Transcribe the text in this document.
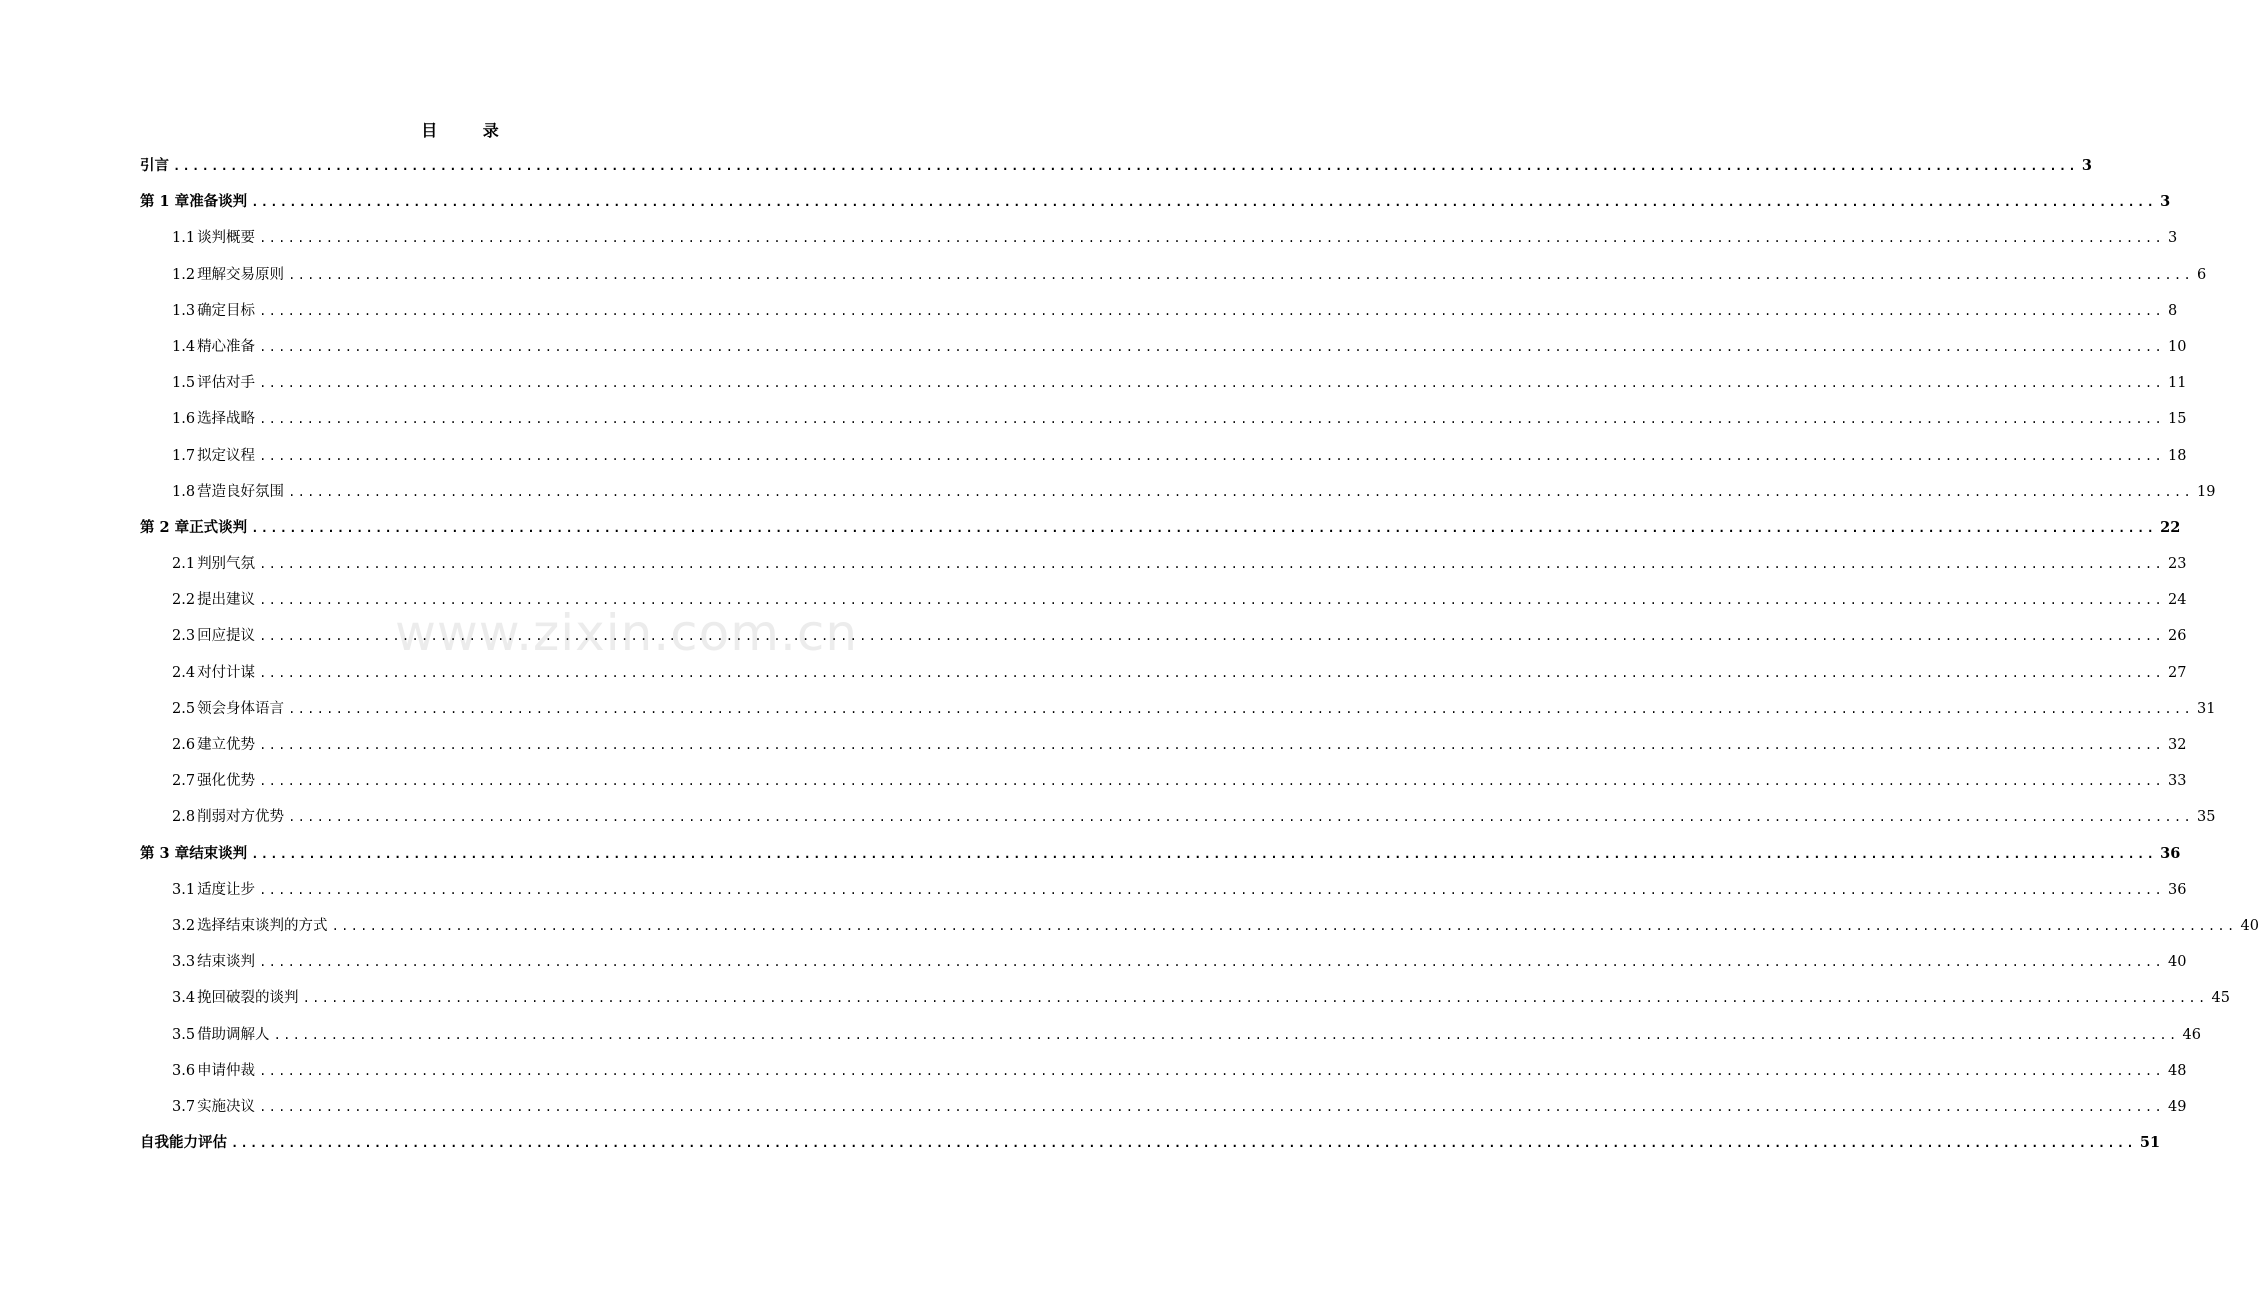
www.zixin.com.cn
目 录
引言 ........................................................................................................................................................................................................ 3
第 1 章 准备谈判 ........................................................................................................................................................................................................ 3
1.1 谈判概要 ........................................................................................................................................................................................................ 3
1.2 理解交易原则 ........................................................................................................................................................................................................ 6
1.3 确定目标 ........................................................................................................................................................................................................ 8
1.4 精心准备 ........................................................................................................................................................................................................ 10
1.5 评估对手 ........................................................................................................................................................................................................ 11
1.6 选择战略 ........................................................................................................................................................................................................ 15
1.7 拟定议程 ........................................................................................................................................................................................................ 18
1.8 营造良好氛围 ........................................................................................................................................................................................................ 19
第 2 章 正式谈判 ........................................................................................................................................................................................................ 22
2.1 判别气氛 ........................................................................................................................................................................................................ 23
2.2 提出建议 ........................................................................................................................................................................................................ 24
2.3 回应提议 ........................................................................................................................................................................................................ 26
2.4 对付计谋 ........................................................................................................................................................................................................ 27
2.5 领会身体语言 ........................................................................................................................................................................................................ 31
2.6 建立优势 ........................................................................................................................................................................................................ 32
2.7 强化优势 ........................................................................................................................................................................................................ 33
2.8 削弱对方优势 ........................................................................................................................................................................................................ 35
第 3 章 结束谈判 ........................................................................................................................................................................................................ 36
3.1 适度让步 ........................................................................................................................................................................................................ 36
3.2 选择结束谈判的方式 ........................................................................................................................................................................................................ 40
3.3 结束谈判 ........................................................................................................................................................................................................ 40
3.4 挽回破裂的谈判 ........................................................................................................................................................................................................ 45
3.5 借助调解人 ........................................................................................................................................................................................................ 46
3.6 申请仲裁 ........................................................................................................................................................................................................ 48
3.7 实施决议 ........................................................................................................................................................................................................ 49
自我能力评估 ........................................................................................................................................................................................................ 51
